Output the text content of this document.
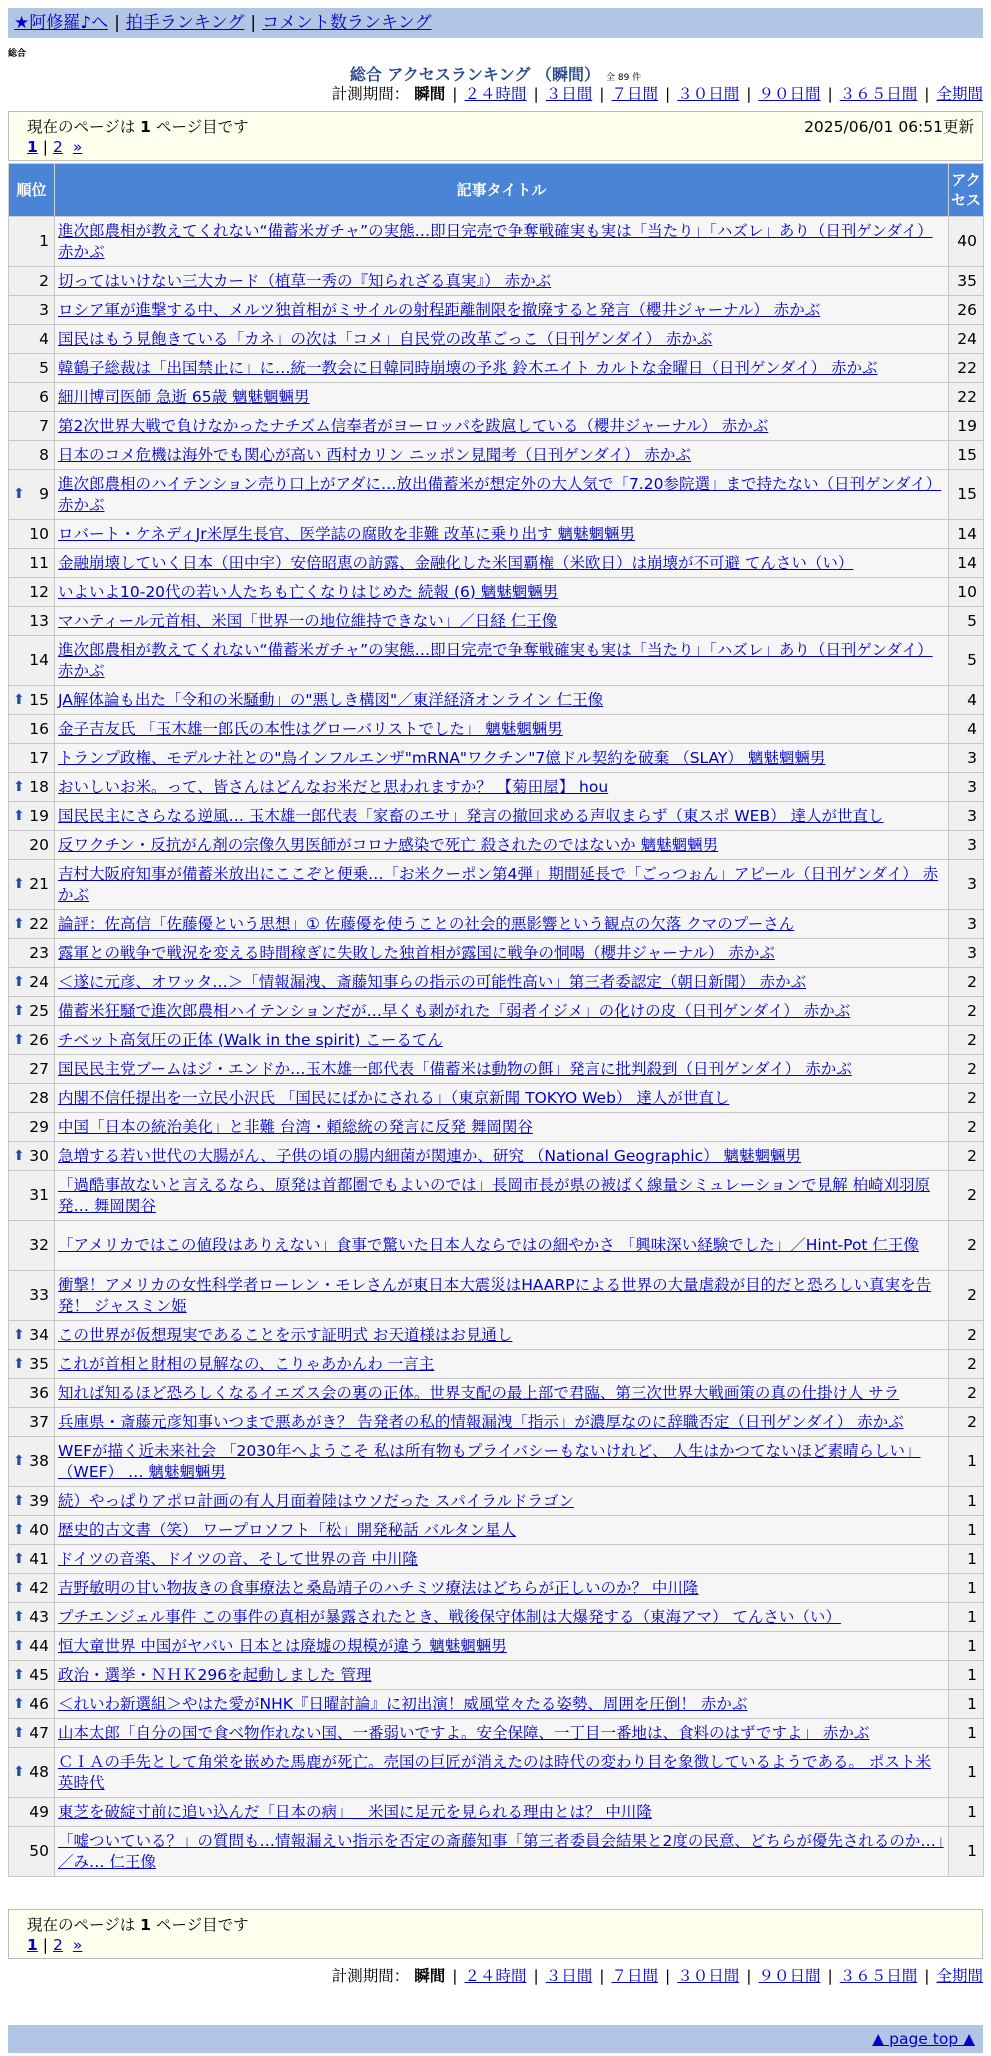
★阿修羅♪へ | 拍手ランキング | コメント数ランキング
総合
総合 アクセスランキング （瞬間） 全 89 件
計測期間： 瞬間 | ２４時間 | ３日間 | ７日間 | ３０日間 | ９０日間 | ３６５日間 | 全期間
現在のページは 1 ページ目です	2025/06/01 06:51更新
1 | 2 »
順位	記事タイトル	アクセス
1	進次郎農相が教えてくれない“備蓄米ガチャ”の実態…即日完売で争奪戦確実も実は「当たり」「ハズレ」あり（日刊ゲンダイ） 赤かぶ	40
2	切ってはいけない三大カード（植草一秀の『知られざる真実』） 赤かぶ	35
3	ロシア軍が進撃する中、メルツ独首相がミサイルの射程距離制限を撤廃すると発言（櫻井ジャーナル） 赤かぶ	26
4	国民はもう見飽きている「カネ」の次は「コメ」自民党の改革ごっこ（日刊ゲンダイ） 赤かぶ	24
5	韓鶴子総裁は「出国禁止に」に…統一教会に日韓同時崩壊の予兆 鈴木エイト カルトな金曜日（日刊ゲンダイ） 赤かぶ	22
6	細川博司医師 急逝 65歳 魑魅魍魎男	22
7	第2次世界大戦で負けなかったナチズム信奉者がヨーロッパを跋扈している（櫻井ジャーナル） 赤かぶ	19
8	日本のコメ危機は海外でも関心が高い 西村カリン ニッポン見聞考（日刊ゲンダイ） 赤かぶ	15

⬆ 9	進次郎農相のハイテンション売り口上がアダに…放出備蓄米が想定外の大人気で「7.20参院選」まで持たない（日刊ゲンダイ） 赤かぶ	15
10	ロバート・ケネディJr米厚生長官、医学誌の腐敗を非難 改革に乗り出す 魑魅魍魎男	14
11	金融崩壊していく日本（田中宇）安倍昭恵の訪露、金融化した米国覇権（米欧日）は崩壊が不可避 てんさい（い）	14
12	いよいよ10-20代の若い人たちも亡くなりはじめた 続報 (6) 魑魅魍魎男	10
13	マハティール元首相、米国「世界一の地位維持できない」／日経 仁王像	5
14	進次郎農相が教えてくれない“備蓄米ガチャ”の実態…即日完売で争奪戦確実も実は「当たり」「ハズレ」あり（日刊ゲンダイ） 赤かぶ	5

⬆ 15	JA解体論も出た「令和の米騒動」の"悪しき構図"／東洋経済オンライン 仁王像	4
16	金子吉友氏 「玉木雄一郎氏の本性はグローバリストでした」 魑魅魍魎男	4
17	トランプ政権、モデルナ社との"鳥インフルエンザ"mRNA"ワクチン"7億ドル契約を破棄 （SLAY） 魑魅魍魎男	3

⬆ 18	おいしいお米。って、皆さんはどんなお米だと思われますか？ 【菊田屋】 hou	3

⬆ 19	国民民主にさらなる逆風… 玉木雄一郎代表「家畜のエサ」発言の撤回求める声収まらず（東スポ WEB） 達人が世直し	3
20	反ワクチン・反抗がん剤の宗像久男医師がコロナ感染で死亡 殺されたのではないか 魑魅魍魎男	3

⬆ 21	吉村大阪府知事が備蓄米放出にここぞと便乗…「お米クーポン第4弾」期間延長で「ごっつぉん」アピール（日刊ゲンダイ） 赤かぶ	3

⬆ 22	論評：佐高信「佐藤優という思想」① 佐藤優を使うことの社会的悪影響という観点の欠落 クマのプーさん	3
23	露軍との戦争で戦況を変える時間稼ぎに失敗した独首相が露国に戦争の恫喝（櫻井ジャーナル） 赤かぶ	3

⬆ 24	＜遂に元彦、オワッタ…＞「情報漏洩、斎藤知事らの指示の可能性高い」第三者委認定（朝日新聞） 赤かぶ	2

⬆ 25	備蓄米狂騒で進次郎農相ハイテンションだが…早くも剥がれた「弱者イジメ」の化けの皮（日刊ゲンダイ） 赤かぶ	2

⬆ 26	チベット高気圧の正体 (Walk in the spirit) こーるてん	2
27	国民民主党ブームはジ・エンドか…玉木雄一郎代表「備蓄米は動物の餌」発言に批判殺到（日刊ゲンダイ） 赤かぶ	2
28	内閣不信任提出を一立民小沢氏 「国民にばかにされる」（東京新聞 TOKYO Web） 達人が世直し	2
29	中国「日本の統治美化」と非難 台湾・頼総統の発言に反発 舞岡関谷	2

⬆ 30	急増する若い世代の大腸がん、子供の頃の腸内細菌が関連か、研究 （National Geographic） 魑魅魍魎男	2
31	「過酷事故ないと言えるなら、原発は首都圏でもよいのでは」長岡市長が県の被ばく線量シミュレーションで見解 柏崎刈羽原発… 舞岡関谷	2
32	「アメリカではこの値段はありえない」食事で驚いた日本人ならではの細やかさ 「興味深い経験でした」／Hint-Pot 仁王像	2
33	衝撃！アメリカの女性科学者ローレン・モレさんが東日本大震災はHAARPによる世界の大量虐殺が目的だと恐ろしい真実を告発！ ジャスミン姫	2

⬆ 34	この世界が仮想現実であることを示す証明式 お天道様はお見通し	2

⬆ 35	これが首相と財相の見解なの、こりゃあかんわ 一言主	2
36	知れば知るほど恐ろしくなるイエズス会の裏の正体。世界支配の最上部で君臨、第三次世界大戦画策の真の仕掛け人 サラ	2
37	兵庫県・斎藤元彦知事いつまで悪あがき？ 告発者の私的情報漏洩「指示」が濃厚なのに辞職否定（日刊ゲンダイ） 赤かぶ	2

⬆ 38	WEFが描く近未来社会 「2030年へようこそ 私は所有物もプライバシーもないけれど、 人生はかつてないほど素晴らしい」 （WEF） … 魑魅魍魎男	1

⬆ 39	続）やっぱりアポロ計画の有人月面着陸はウソだった スパイラルドラゴン	1

⬆ 40	歴史的古文書（笑） ワープロソフト「松」開発秘話 バルタン星人	1

⬆ 41	ドイツの音楽、ドイツの音、そして世界の音 中川隆	1

⬆ 42	吉野敏明の甘い物抜きの食事療法と桑島靖子のハチミツ療法はどちらが正しいのか？ 中川隆	1

⬆ 43	プチエンジェル事件 この事件の真相が暴露されたとき、戦後保守体制は大爆発する（東海アマ） てんさい（い）	1

⬆ 44	恒大童世界 中国がヤバい 日本とは廃墟の規模が違う 魑魅魍魎男	1

⬆ 45	政治・選挙・ＮＨＫ296を起動しました 管理	1

⬆ 46	＜れいわ新選組＞やはた愛がNHK『日曜討論』に初出演！威風堂々たる姿勢、周囲を圧倒！ 赤かぶ	1

⬆ 47	山本太郎「自分の国で食べ物作れない国、一番弱いですよ。安全保障、一丁目一番地は、食料のはずですよ」 赤かぶ	1

⬆ 48	ＣＩＡの手先として角栄を嵌めた馬鹿が死亡。売国の巨匠が消えたのは時代の変わり目を象徴しているようである。 ポスト米英時代	1
49	東芝を破綻寸前に追い込んだ「日本の病」＿米国に足元を見られる理由とは？ 中川隆	1
50	「嘘ついている？」の質問も…情報漏えい指示を否定の斎藤知事「第三者委員会結果と2度の民意、どちらが優先されるのか…」／み… 仁王像	1
現在のページは 1 ページ目です
1 | 2 »
計測期間： 瞬間 | ２４時間 | ３日間 | ７日間 | ３０日間 | ９０日間 | ３６５日間 | 全期間
▲ page top ▲
